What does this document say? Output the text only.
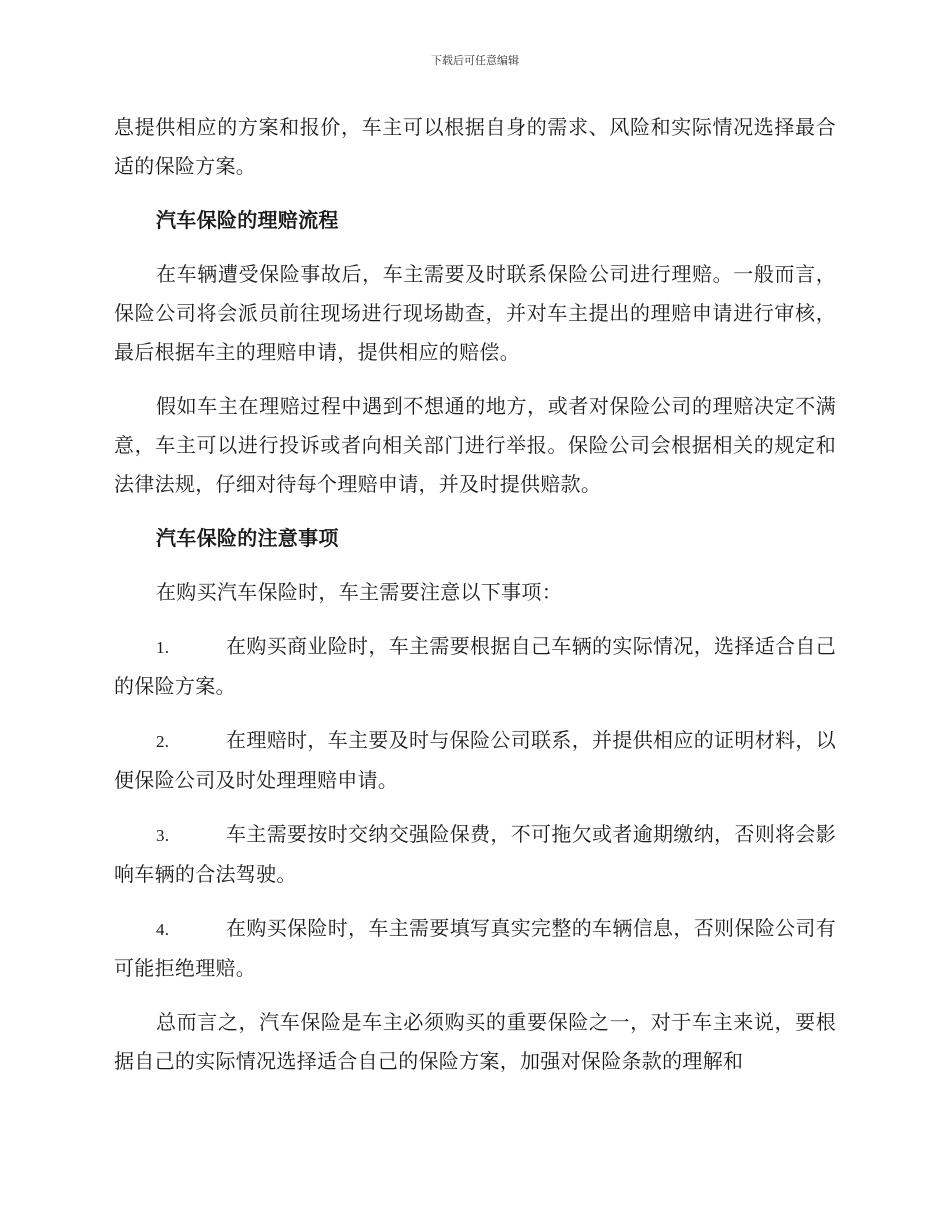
下载后可任意编辑

息提供相应的方案和报价，车主可以根据自身的需求、风险和实际情况选择最合适的保险方案。

汽车保险的理赔流程

在车辆遭受保险事故后，车主需要及时联系保险公司进行理赔。一般而言，保险公司将会派员前往现场进行现场勘查，并对车主提出的理赔申请进行审核，最后根据车主的理赔申请，提供相应的赔偿。

假如车主在理赔过程中遇到不想通的地方，或者对保险公司的理赔决定不满意，车主可以进行投诉或者向相关部门进行举报。保险公司会根据相关的规定和法律法规，仔细对待每个理赔申请，并及时提供赔款。

汽车保险的注意事项

在购买汽车保险时，车主需要注意以下事项：

1.	在购买商业险时，车主需要根据自己车辆的实际情况，选择适合自己的保险方案。

2.	在理赔时，车主要及时与保险公司联系，并提供相应的证明材料，以便保险公司及时处理理赔申请。

3.	车主需要按时交纳交强险保费，不可拖欠或者逾期缴纳，否则将会影响车辆的合法驾驶。

4.	在购买保险时，车主需要填写真实完整的车辆信息，否则保险公司有可能拒绝理赔。

总而言之，汽车保险是车主必须购买的重要保险之一，对于车主来说，要根据自己的实际情况选择适合自己的保险方案，加强对保险条款的理解和
